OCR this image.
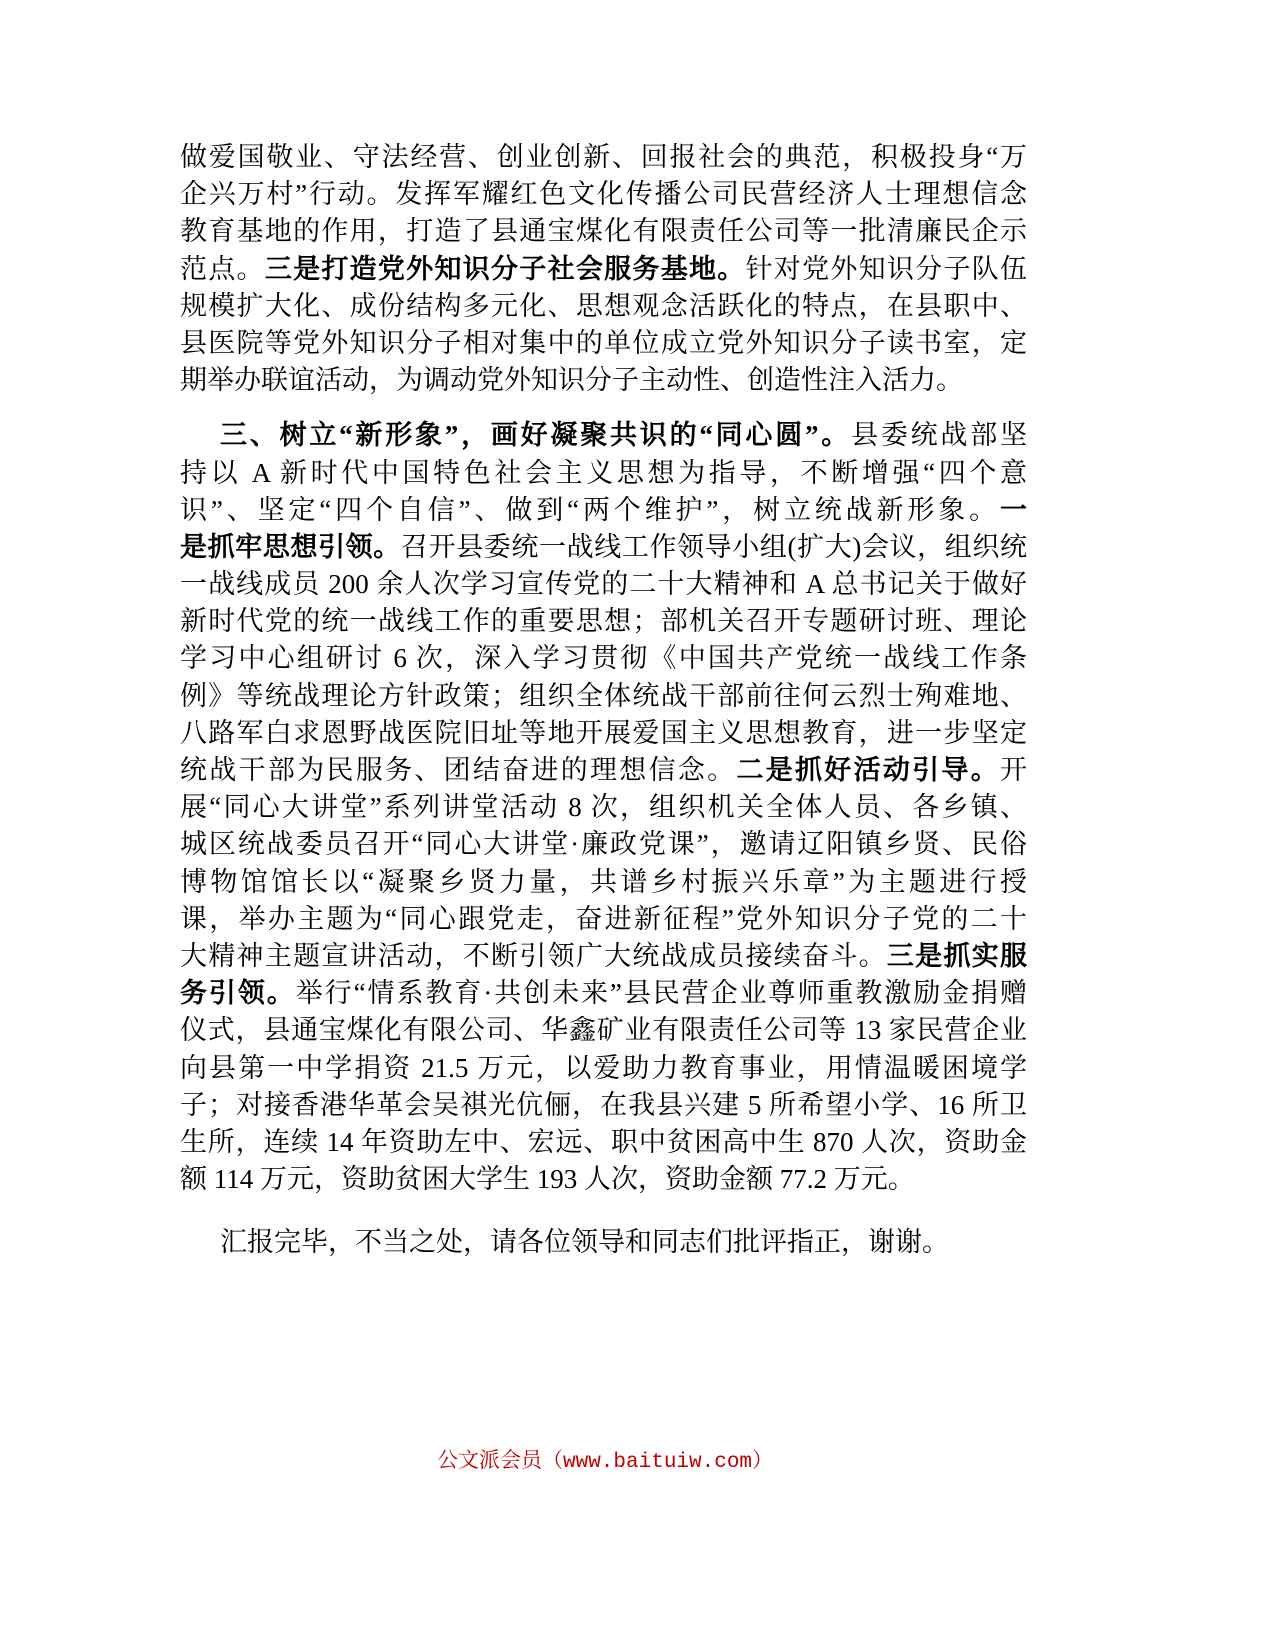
做爱国敬业、守法经营、创业创新、回报社会的典范，积极投身“万
企兴万村”行动。发挥军耀红色文化传播公司民营经济人士理想信念
教育基地的作用，打造了县通宝煤化有限责任公司等一批清廉民企示
范点。三是打造党外知识分子社会服务基地。针对党外知识分子队伍
规模扩大化、成份结构多元化、思想观念活跃化的特点，在县职中、
县医院等党外知识分子相对集中的单位成立党外知识分子读书室，定
期举办联谊活动，为调动党外知识分子主动性、创造性注入活力。
三、树立“新形象”，画好凝聚共识的“同心圆”。县委统战部坚
持以 A 新时代中国特色社会主义思想为指导，不断增强“四个意
识”、坚定“四个自信”、做到“两个维护”，树立统战新形象。一
是抓牢思想引领。召开县委统一战线工作领导小组(扩大)会议，组织统
一战线成员 200 余人次学习宣传党的二十大精神和 A 总书记关于做好
新时代党的统一战线工作的重要思想；部机关召开专题研讨班、理论
学习中心组研讨 6 次，深入学习贯彻《中国共产党统一战线工作条
例》等统战理论方针政策；组织全体统战干部前往何云烈士殉难地、
八路军白求恩野战医院旧址等地开展爱国主义思想教育，进一步坚定
统战干部为民服务、团结奋进的理想信念。二是抓好活动引导。开
展“同心大讲堂”系列讲堂活动 8 次，组织机关全体人员、各乡镇、
城区统战委员召开“同心大讲堂·廉政党课”，邀请辽阳镇乡贤、民俗
博物馆馆长以“凝聚乡贤力量，共谱乡村振兴乐章”为主题进行授
课，举办主题为“同心跟党走，奋进新征程”党外知识分子党的二十
大精神主题宣讲活动，不断引领广大统战成员接续奋斗。三是抓实服
务引领。举行“情系教育·共创未来”县民营企业尊师重教激励金捐赠
仪式，县通宝煤化有限公司、华鑫矿业有限责任公司等 13 家民营企业
向县第一中学捐资 21.5 万元，以爱助力教育事业，用情温暖困境学
子；对接香港华革会吴祺光伉俪，在我县兴建 5 所希望小学、16 所卫
生所，连续 14 年资助左中、宏远、职中贫困高中生 870 人次，资助金
额 114 万元，资助贫困大学生 193 人次，资助金额 77.2 万元。
汇报完毕，不当之处，请各位领导和同志们批评指正，谢谢。
公文派会员（www.baituiw.com）
